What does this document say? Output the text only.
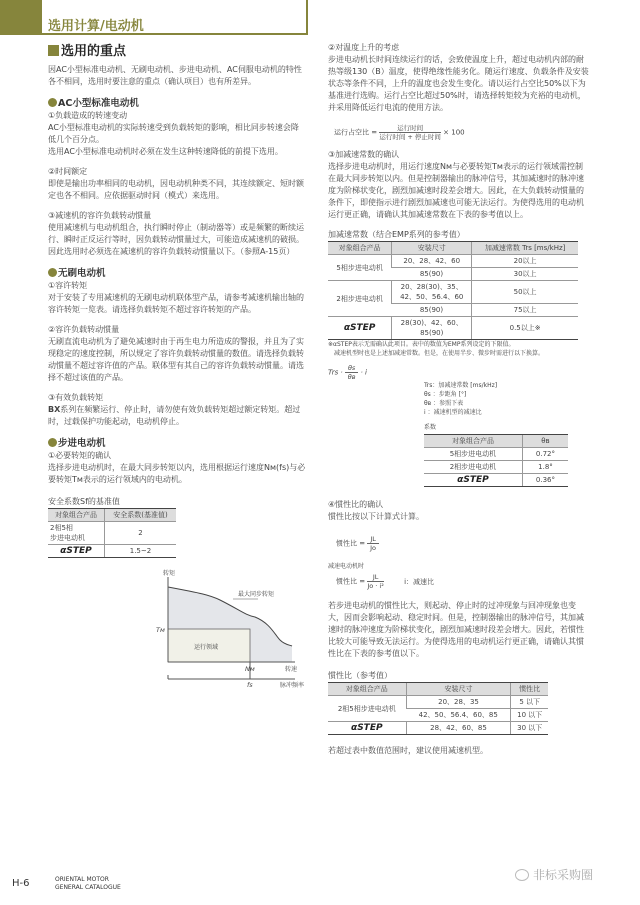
选用计算/电动机
选用的重点
因AC小型标准电动机、无刷电动机、步进电动机、AC伺服电动机的特性各不相同，选用时要注意的重点（确认项目）也有所差异。
AC小型标准电动机
①负载造成的转速变动
AC小型标准电动机的实际转速受到负载转矩的影响，相比同步转速会降低几个百分点。
选用AC小型标准电动机时必须在发生这种转速降低的前提下选用。
②时间额定
即使是输出功率相同的电动机，因电动机种类不同，其连续额定、短时额定也各不相同。应依据驱动时间（模式）来选用。
③减速机的容许负载转动惯量
使用减速机与电动机组合，执行瞬时停止（制动器等）或是频繁的断续运行、瞬时正反运行等时，因负载转动惯量过大，可能造成减速机的破损。因此选用时必须选在减速机的容许负载转动惯量以下。（参照A-15页）
无刷电动机
①容许转矩
对于安装了专用减速机的无刷电动机联体型产品，请参考减速机输出轴的容许转矩一览表。请选择负载转矩不超过容许转矩的产品。
②容许负载转动惯量
无刷直流电动机为了避免减速时由于再生电力所造成的警报，并且为了实现稳定的速度控制，所以规定了容许负载转动惯量的数值。请选择负载转动惯量不超过容许值的产品。联体型有其自己的容许负载转动惯量。请选择不超过该值的产品。
③有效负载转矩
BX系列在频繁运行、停止时，请勿使有效负载转矩超过额定转矩。超过时，过载保护功能起动，电动机停止。
步进电动机
①必要转矩的确认
选择步进电动机时，在最大同步转矩以内，选用根据运行速度Nм(fs)与必要转矩Tм表示的运行领域内的电动机。
安全系数Sf的基准值
对象组合产品	安全系数(基准值)
2相5相
步进电动机	2
αSTEP	1.5~2
转矩
最大同步转矩
Tм
运行领域
Nм	转速
fs	脉冲频率
②对温度上升的考虑
步进电动机长时间连续运行的话，会致使温度上升，超过电动机内部的耐热等级130（B）温度，使得绝缘性能劣化。随运行速度、负载条件及安装状态等条件不同，上升的温度也会发生变化。请以运行占空比50%以下为基准进行选购。运行占空比超过50%时，请选择转矩较为充裕的电动机，并采用降低运行电流的使用方法。
运行占空比 = $\frac{\text{运行时间}}{\text{运行时间 + 停止时间}} \times 100$
③加减速常数的确认
选择步进电动机时，用运行速度Nм与必要转矩Tм表示的运行领域需控制在最大同步转矩以内。但是控制器输出的脉冲信号，其加减速时的脉冲速度为阶梯状变化，剧烈加减速时段差会增大。因此，在大负载转动惯量的条件下，即使指示进行剧烈加减速也可能无法运行。为使得选用的电动机运行更正确，请确认其加减速常数在下表的参考值以上。
加减速常数（结合EMP系列的参考值）
对象组合产品	安装尺寸	加减速常数 Trs [ms/kHz]
5相步进电动机	20、28、42、60	20以上
	85(90)	30以上
2相步进电动机	20、28(30)、35、42、50、56.4、60	50以上
	85(90)	75以上
αSTEP	28(30)、42、60、85(90)	0.5以上※
※αSTEP表示无需确认此项目。表中的数值为EMP系列设定的下限值。
减速机型时也是上述加减速常数。但是，在使用半步、微步时需进行以下换算。
Trs · $\frac{\theta s}{\theta в} \cdot i$
Trs：加减速常数 [ms/kHz]
θs ：步距角 [°]
θв ：参照下表
i ：减速机型的减速比
系数
对象组合产品	θв
5相步进电动机	0.72°
2相步进电动机	1.8°
αSTEP	0.36°
④惯性比的确认
惯性比按以下计算式计算。
惯性比 = $\frac{JL}{Jo}$
减速电动机时
惯性比 = $\frac{JL}{\text{Jo · i²}}$	i：减速比
若步进电动机的惯性比大，则起动、停止时的过冲现象与回冲现象也变大，因而会影响起动、稳定时间。但是，控制器输出的脉冲信号，其加减速时的脉冲速度为阶梯状变化，剧烈加减速时段差会增大。因此，若惯性比较大可能导致无法运行。为使得选用的电动机运行更正确，请确认其惯性比在下表的参考值以下。
惯性比（参考值）
对象组合产品	安装尺寸	惯性比
2相5相步进电动机	20、28、35	5 以下
	42、50、56.4、60、85	10 以下
αSTEP	28、42、60、85	30 以下
若超过表中数值范围时，建议使用减速机型。
H-6	ORIENTAL MOTOR
GENERAL CATALOGUE
非标采购圈
